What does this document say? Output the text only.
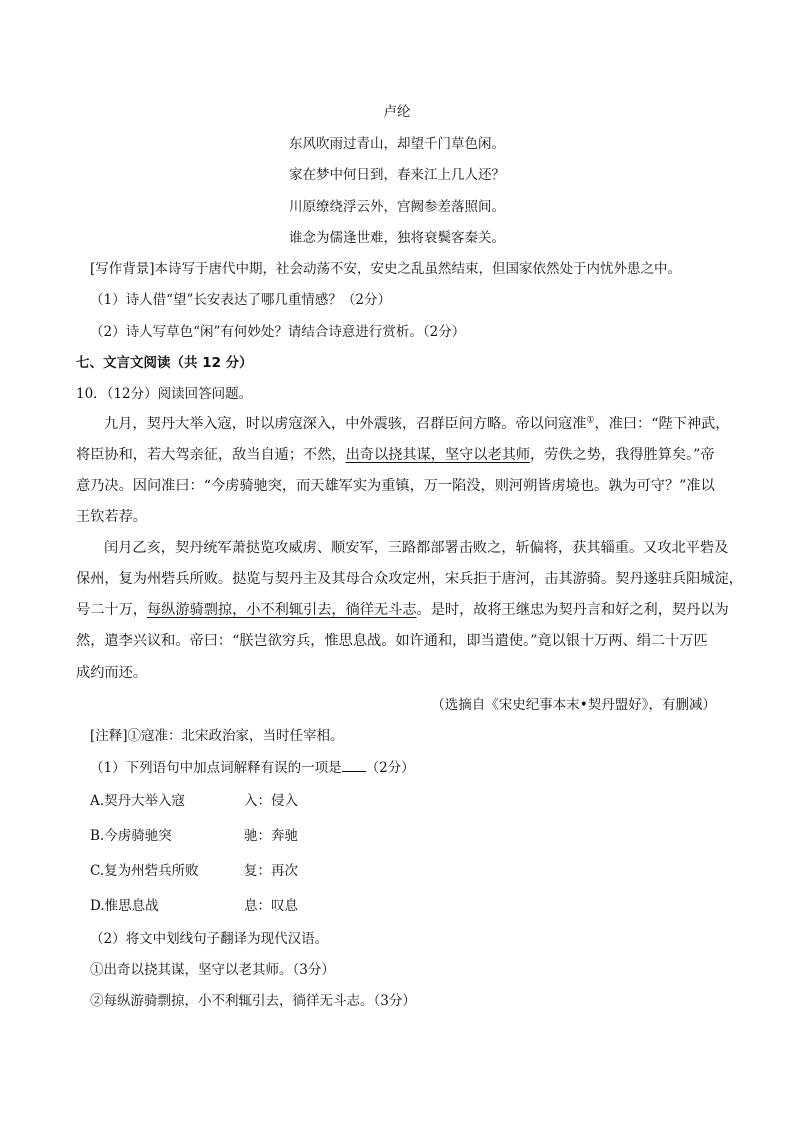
卢纶
东风吹雨过青山，却望千门草色闲。
家在梦中何日到，春来江上几人还？
川原缭绕浮云外，宫阙参差落照间。
谁念为儒逢世难，独将衰鬓客秦关。
[写作背景]本诗写于唐代中期，社会动荡不安，安史之乱虽然结束，但国家依然处于内忧外患之中。
（1）诗人借“望”长安表达了哪几重情感？（2分）
（2）诗人写草色“闲”有何妙处？请结合诗意进行赏析。（2分）
七、文言文阅读（共 12 分）
10．（12分）阅读回答问题。
九月，契丹大举入寇，时以虏寇深入，中外震骇，召群臣问方略。帝以问寇准①，准曰：“陛下神武，
将臣协和，若大驾亲征，敌当自遁；不然，出奇以挠其谋，坚守以老其师，劳佚之势，我得胜算矣。”帝
意乃决。因问准曰：“今虏骑驰突，而天雄军实为重镇，万一陷没，则河朔皆虏境也。孰为可守？”准以
王钦若荐。
闰月乙亥，契丹统军萧挞览攻威虏、顺安军，三路都部署击败之，斩偏将，获其辎重。又攻北平砦及
保州，复为州砦兵所败。挞览与契丹主及其母合众攻定州，宋兵拒于唐河，击其游骑。契丹遂驻兵阳城淀，
号二十万，每纵游骑剽掠，小不利辄引去，徜徉无斗志。是时，故将王继忠为契丹言和好之利，契丹以为
然，遣李兴议和。帝曰：“朕岂欲穷兵，惟思息战。如许通和，即当遣使。”竟以银十万两、绢二十万匹
成约而还。
（选摘自《宋史纪事本末•契丹盟好》，有删减）
[注释]①寇准：北宋政治家，当时任宰相。
（1）下列语句中加点词解释有误的一项是 （2分）
A.契丹大举入寇	入：侵入
B.今虏骑驰突	驰：奔驰
C.复为州砦兵所败	复：再次
D.惟思息战	息：叹息
（2）将文中划线句子翻译为现代汉语。
①出奇以挠其谋，坚守以老其师。（3分）
②每纵游骑剽掠，小不利辄引去，徜徉无斗志。（3分）
